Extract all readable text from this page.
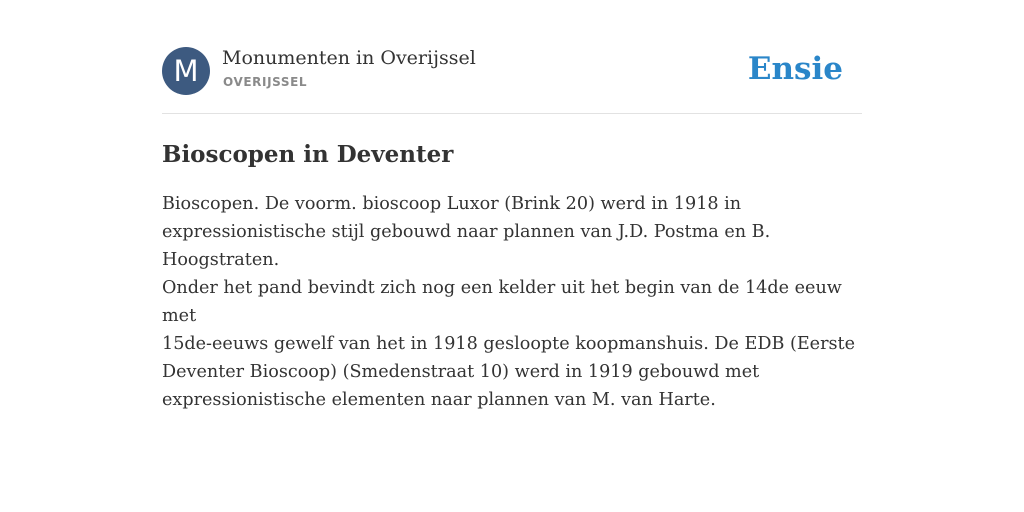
M	Monumenten in Overijssel
OVERIJSSEL	Ensie
Bioscopen in Deventer

Bioscopen. De voorm. bioscoop Luxor (Brink 20) werd in 1918 in
expressionistische stijl gebouwd naar plannen van J.D. Postma en B. Hoogstraten.
Onder het pand bevindt zich nog een kelder uit het begin van de 14de eeuw met
15de-eeuws gewelf van het in 1918 gesloopte koopmanshuis. De EDB (Eerste
Deventer Bioscoop) (Smedenstraat 10) werd in 1919 gebouwd met
expressionistische elementen naar plannen van M. van Harte.
